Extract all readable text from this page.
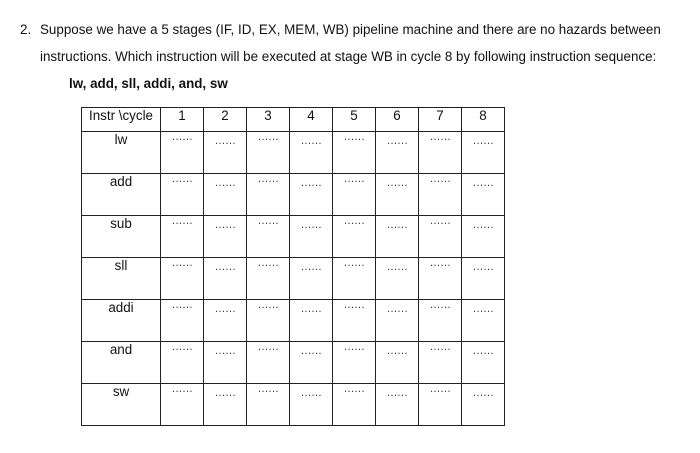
2. Suppose we have a 5 stages (IF, ID, EX, MEM, WB) pipeline machine and there are no hazards between
instructions. Which instruction will be executed at stage WB in cycle 8 by following instruction sequence:
lw, add, sll, addi, and, sw
Instr \cycle	1	2	3	4	5	6	7	8
lw	……	……	……	……	……	……	……	……

add	……	……	……	……	……	……	……	……

sub	……	……	……	……	……	……	……	……

sll	……	……	……	……	……	……	……	……

addi	……	……	……	……	……	……	……	……

and	……	……	……	……	……	……	……	……

sw	……	……	……	……	……	……	……	……
